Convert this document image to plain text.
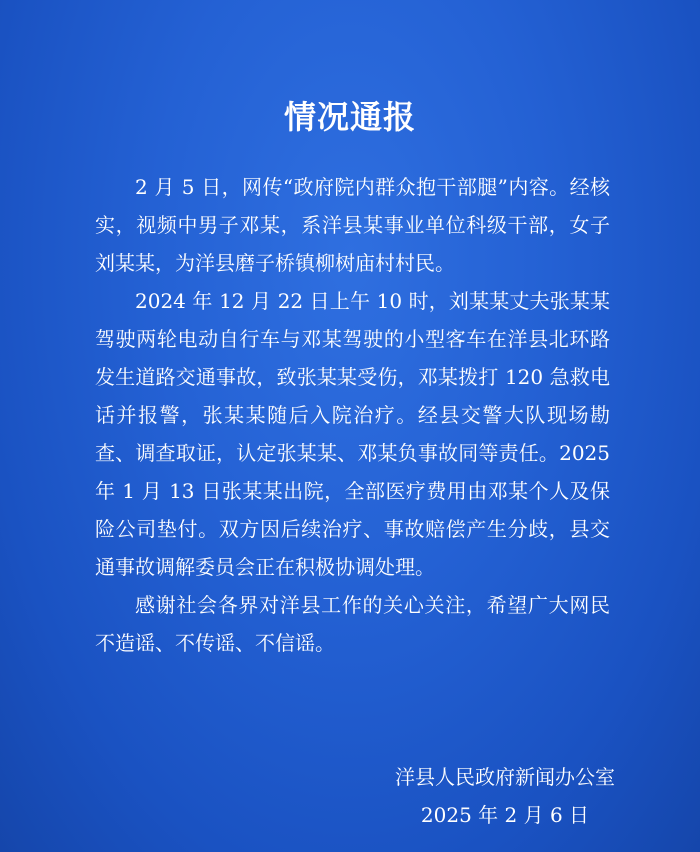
情况通报

2 月 5 日，网传“政府院内群众抱干部腿”内容。经核实，视频中男子邓某，系洋县某事业单位科级干部，女子刘某某，为洋县磨子桥镇柳树庙村村民。

2024 年 12 月 22 日上午 10 时，刘某某丈夫张某某驾驶两轮电动自行车与邓某驾驶的小型客车在洋县北环路发生道路交通事故，致张某某受伤，邓某拨打 120 急救电话并报警，张某某随后入院治疗。经县交警大队现场勘查、调查取证，认定张某某、邓某负事故同等责任。2025 年 1 月 13 日张某某出院，全部医疗费用由邓某个人及保险公司垫付。双方因后续治疗、事故赔偿产生分歧，县交通事故调解委员会正在积极协调处理。

感谢社会各界对洋县工作的关心关注，希望广大网民不造谣、不传谣、不信谣。

洋县人民政府新闻办公室
2025 年 2 月 6 日
